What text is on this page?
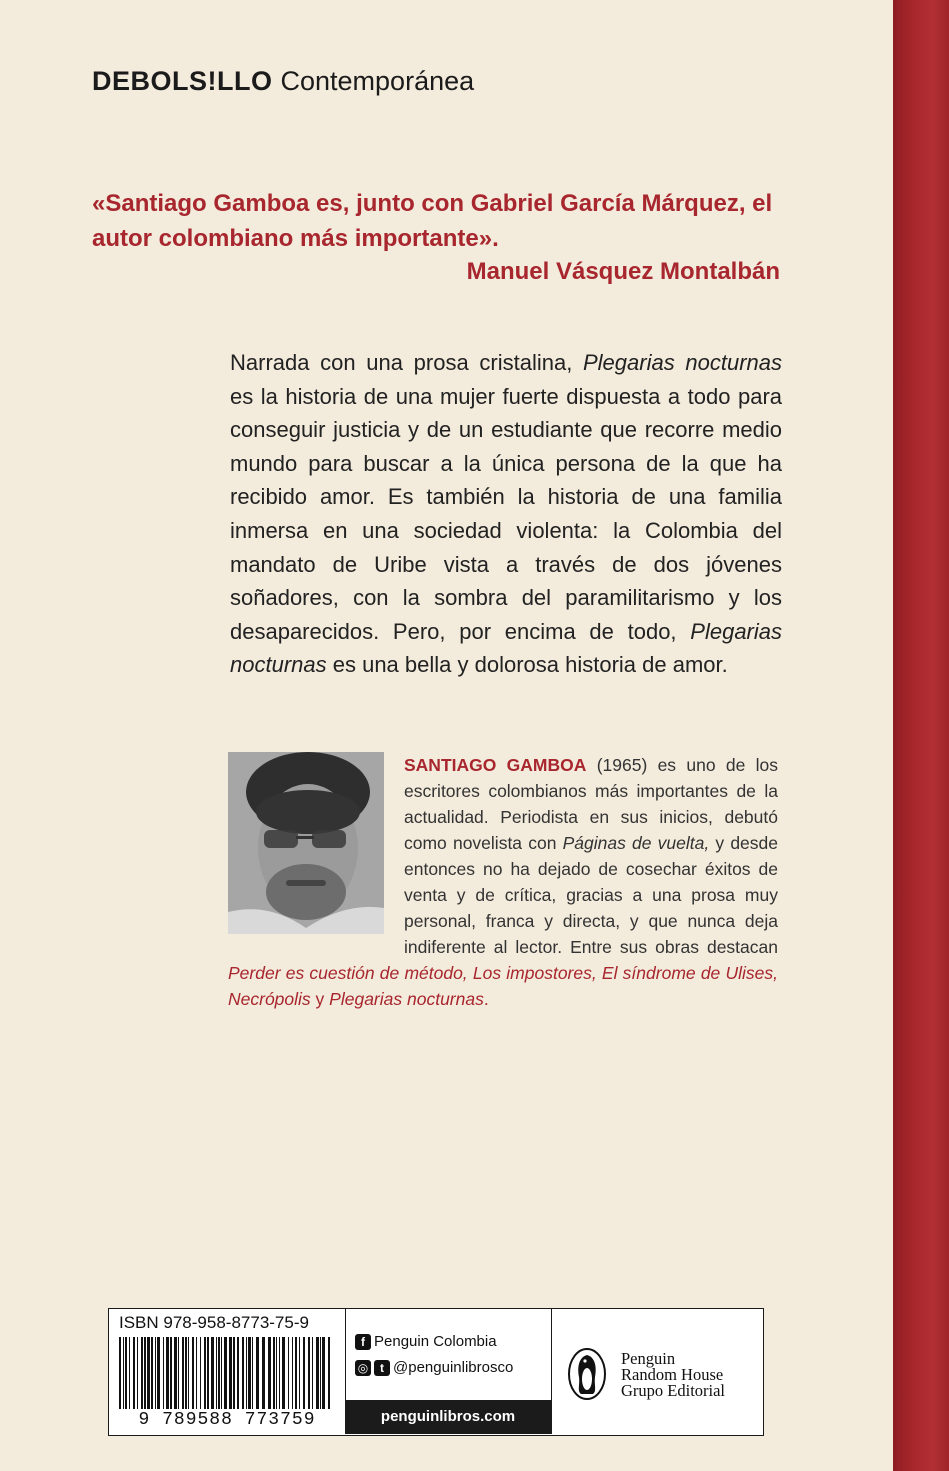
DEBOLS!LLO Contemporánea
«Santiago Gamboa es, junto con Gabriel García Márquez, el autor colombiano más importante».
Manuel Vásquez Montalbán

Narrada con una prosa cristalina, Plegarias nocturnas es la historia de una mujer fuerte dispuesta a todo para conseguir justicia y de un estudiante que recorre medio mundo para buscar a la única persona de la que ha recibido amor. Es también la historia de una familia inmersa en una sociedad violenta: la Colombia del mandato de Uribe vista a través de dos jóvenes soñadores, con la sombra del paramilitarismo y los desaparecidos. Pero, por encima de todo, Plegarias nocturnas es una bella y dolorosa historia de amor.

SANTIAGO GAMBOA (1965) es uno de los escritores colombianos más importantes de la actualidad. Periodista en sus inicios, debutó como novelista con Páginas de vuelta, y desde entonces no ha dejado de cosechar éxitos de venta y de crítica, gracias a una prosa muy personal, franca y directa, y que nunca deja indiferente al lector. Entre sus obras destacan Perder es cuestión de método, Los impostores, El síndrome de Ulises, Necrópolis y Plegarias nocturnas.
ISBN 978-958-8773-75-9
9 789588 773759
f Penguin Colombia
◎ t @penguinlibrosco
penguinlibros.com
Penguin
Random House
Grupo Editorial
